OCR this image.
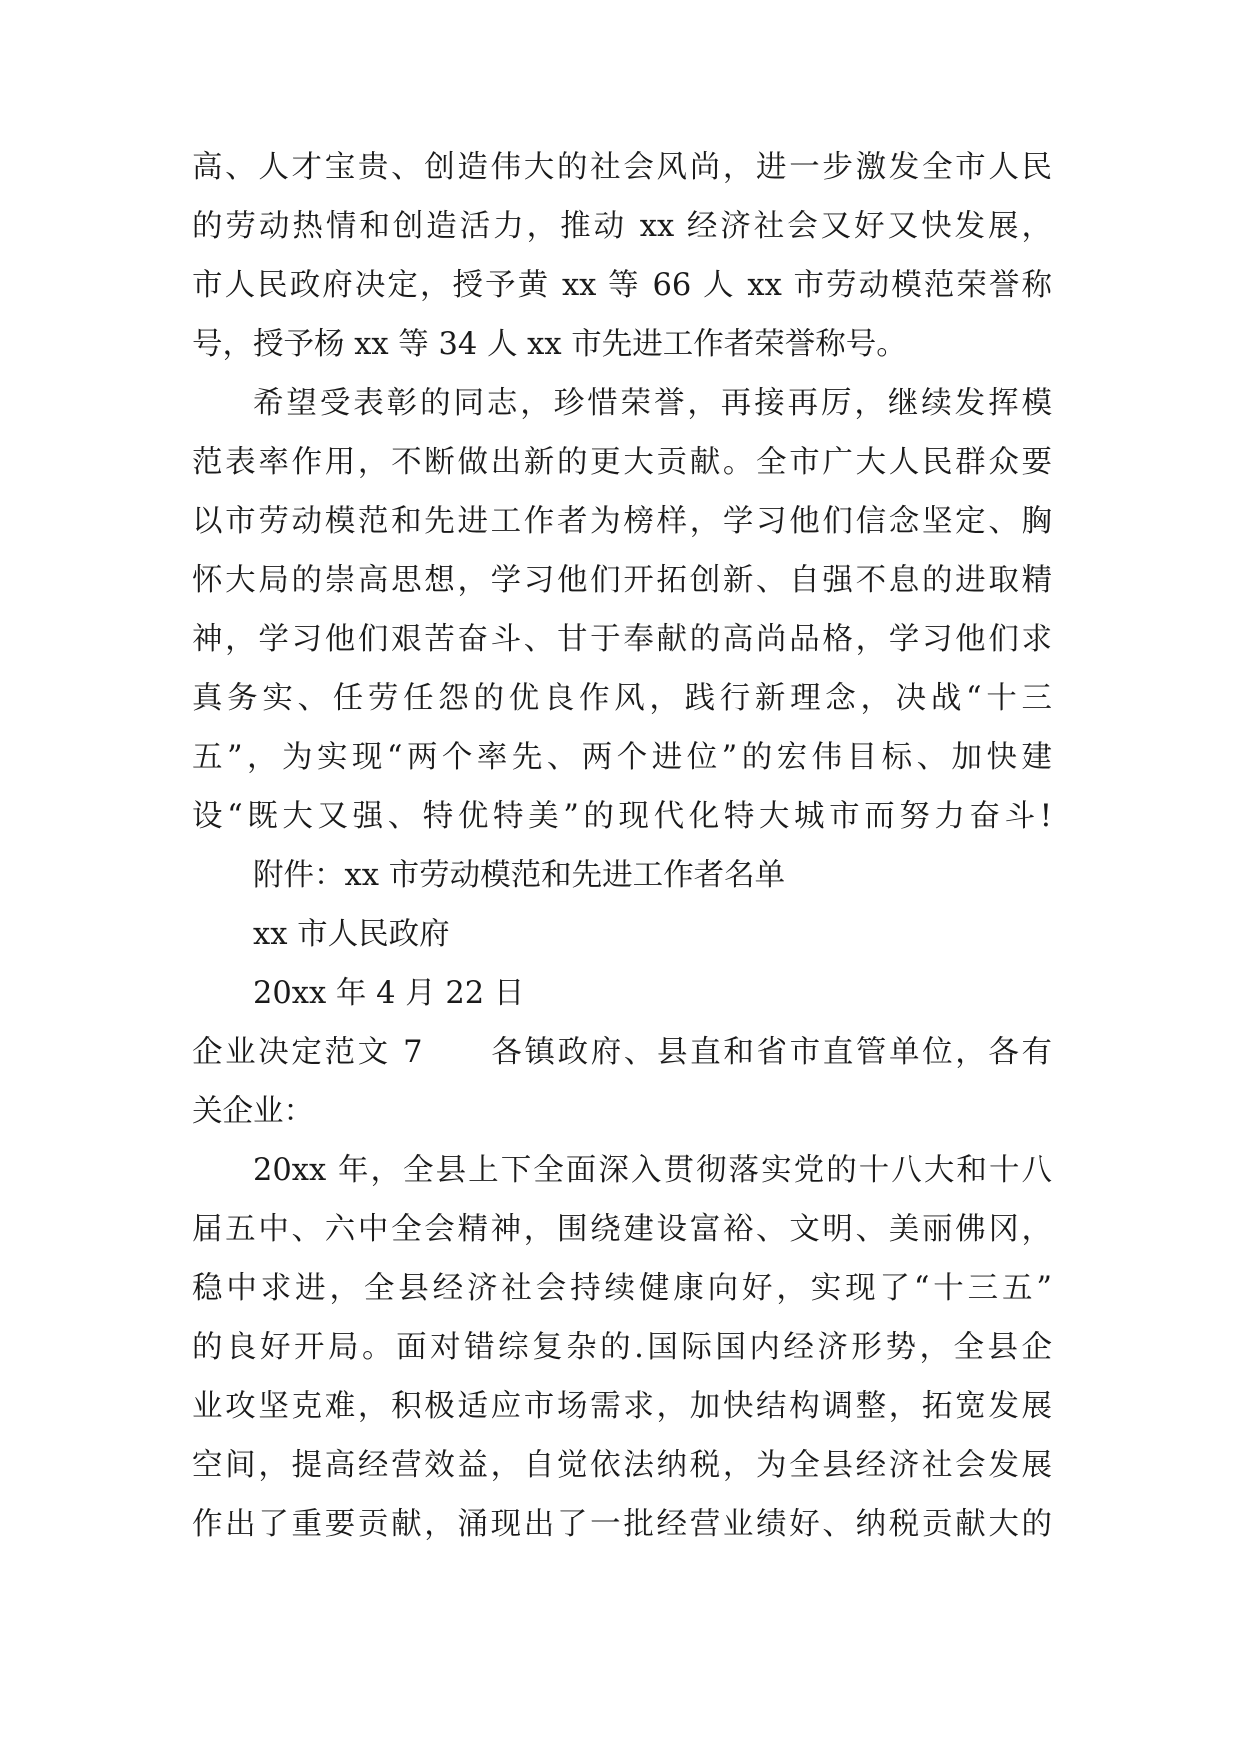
高、人才宝贵、创造伟大的社会风尚，进一步激发全市人民
的劳动热情和创造活力，推动 xx 经济社会又好又快发展，
市人民政府决定，授予黄 xx 等 66 人 xx 市劳动模范荣誉称
号，授予杨 xx 等 34 人 xx 市先进工作者荣誉称号。
希望受表彰的同志，珍惜荣誉，再接再厉，继续发挥模
范表率作用，不断做出新的更大贡献。全市广大人民群众要
以市劳动模范和先进工作者为榜样，学习他们信念坚定、胸
怀大局的崇高思想，学习他们开拓创新、自强不息的进取精
神，学习他们艰苦奋斗、甘于奉献的高尚品格，学习他们求
真务实、任劳任怨的优良作风，践行新理念，决战“十三
五”，为实现“两个率先、两个进位”的宏伟目标、加快建
设“既大又强、特优特美”的现代化特大城市而努力奋斗!
附件：xx 市劳动模范和先进工作者名单
xx 市人民政府
20xx 年 4 月 22 日
企业决定范文 7　　各镇政府、县直和省市直管单位，各有
关企业：
20xx 年，全县上下全面深入贯彻落实党的十八大和十八
届五中、六中全会精神，围绕建设富裕、文明、美丽佛冈，
稳中求进，全县经济社会持续健康向好，实现了“十三五”
的良好开局。面对错综复杂的.国际国内经济形势，全县企
业攻坚克难，积极适应市场需求，加快结构调整，拓宽发展
空间，提高经营效益，自觉依法纳税，为全县经济社会发展
作出了重要贡献，涌现出了一批经营业绩好、纳税贡献大的
